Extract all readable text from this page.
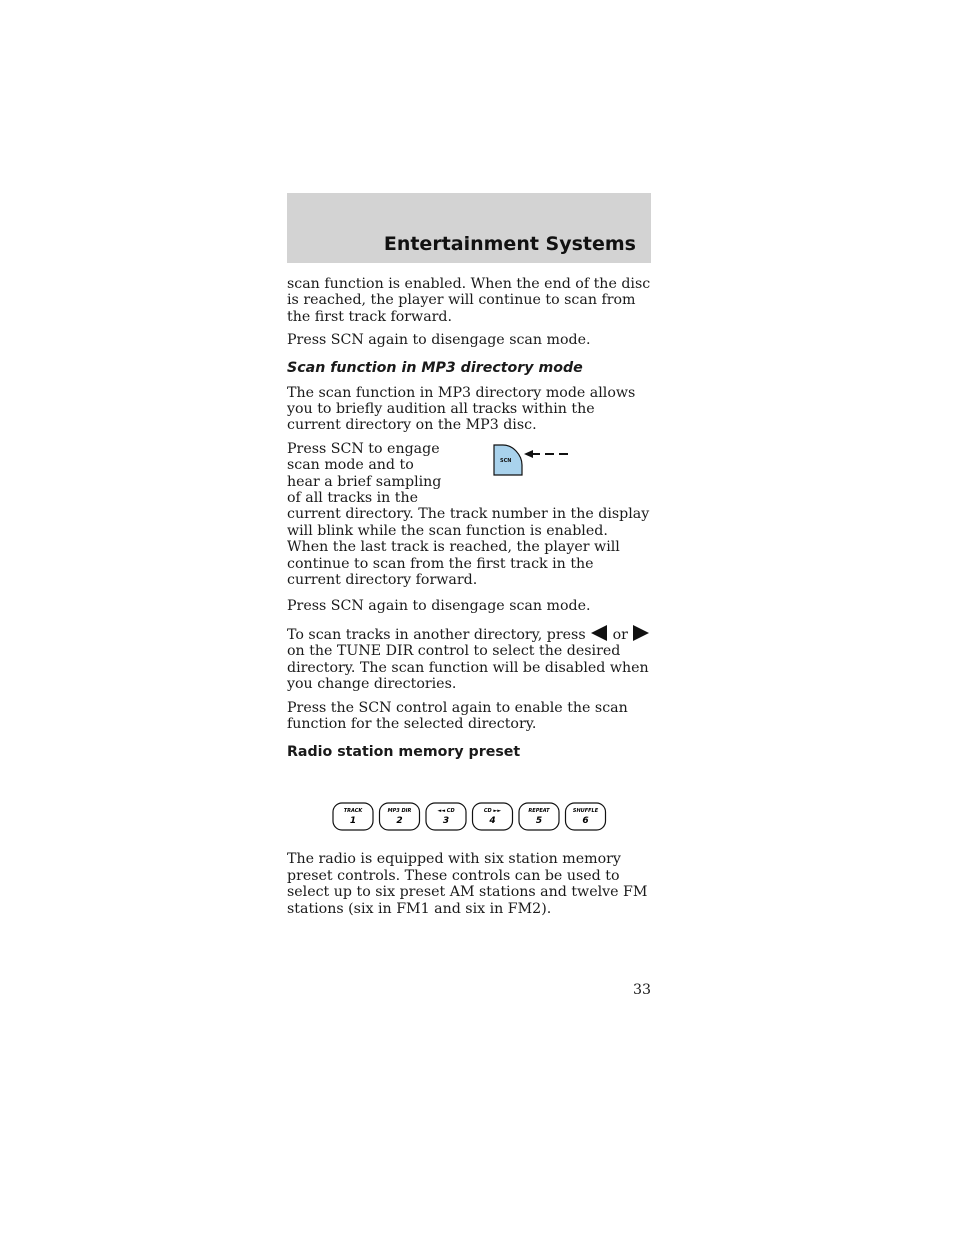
Entertainment Systems

scan function is enabled. When the end of the disc is reached, the player will continue to scan from the first track forward.

Press SCN again to disengage scan mode.

Scan function in MP3 directory mode

The scan function in MP3 directory mode allows you to briefly audition all tracks within the current directory on the MP3 disc.

SCN

Press SCN to engage scan mode and to hear a brief sampling of all tracks in the current directory. The track number in the display will blink while the scan function is enabled. When the last track is reached, the player will continue to scan from the first track in the current directory forward.

Press SCN again to disengage scan mode.

To scan tracks in another directory, press or  on the TUNE DIR control to select the desired directory. The scan function will be disabled when you change directories.

Press the SCN control again to enable the scan function for the selected directory.

Radio station memory preset
TRACK
1
MP3 DIR
2
◄◄ CD
3
CD ►►
4
REPEAT
5
SHUFFLE
6

The radio is equipped with six station memory preset controls. These controls can be used to select up to six preset AM stations and twelve FM stations (six in FM1 and six in FM2).

33
